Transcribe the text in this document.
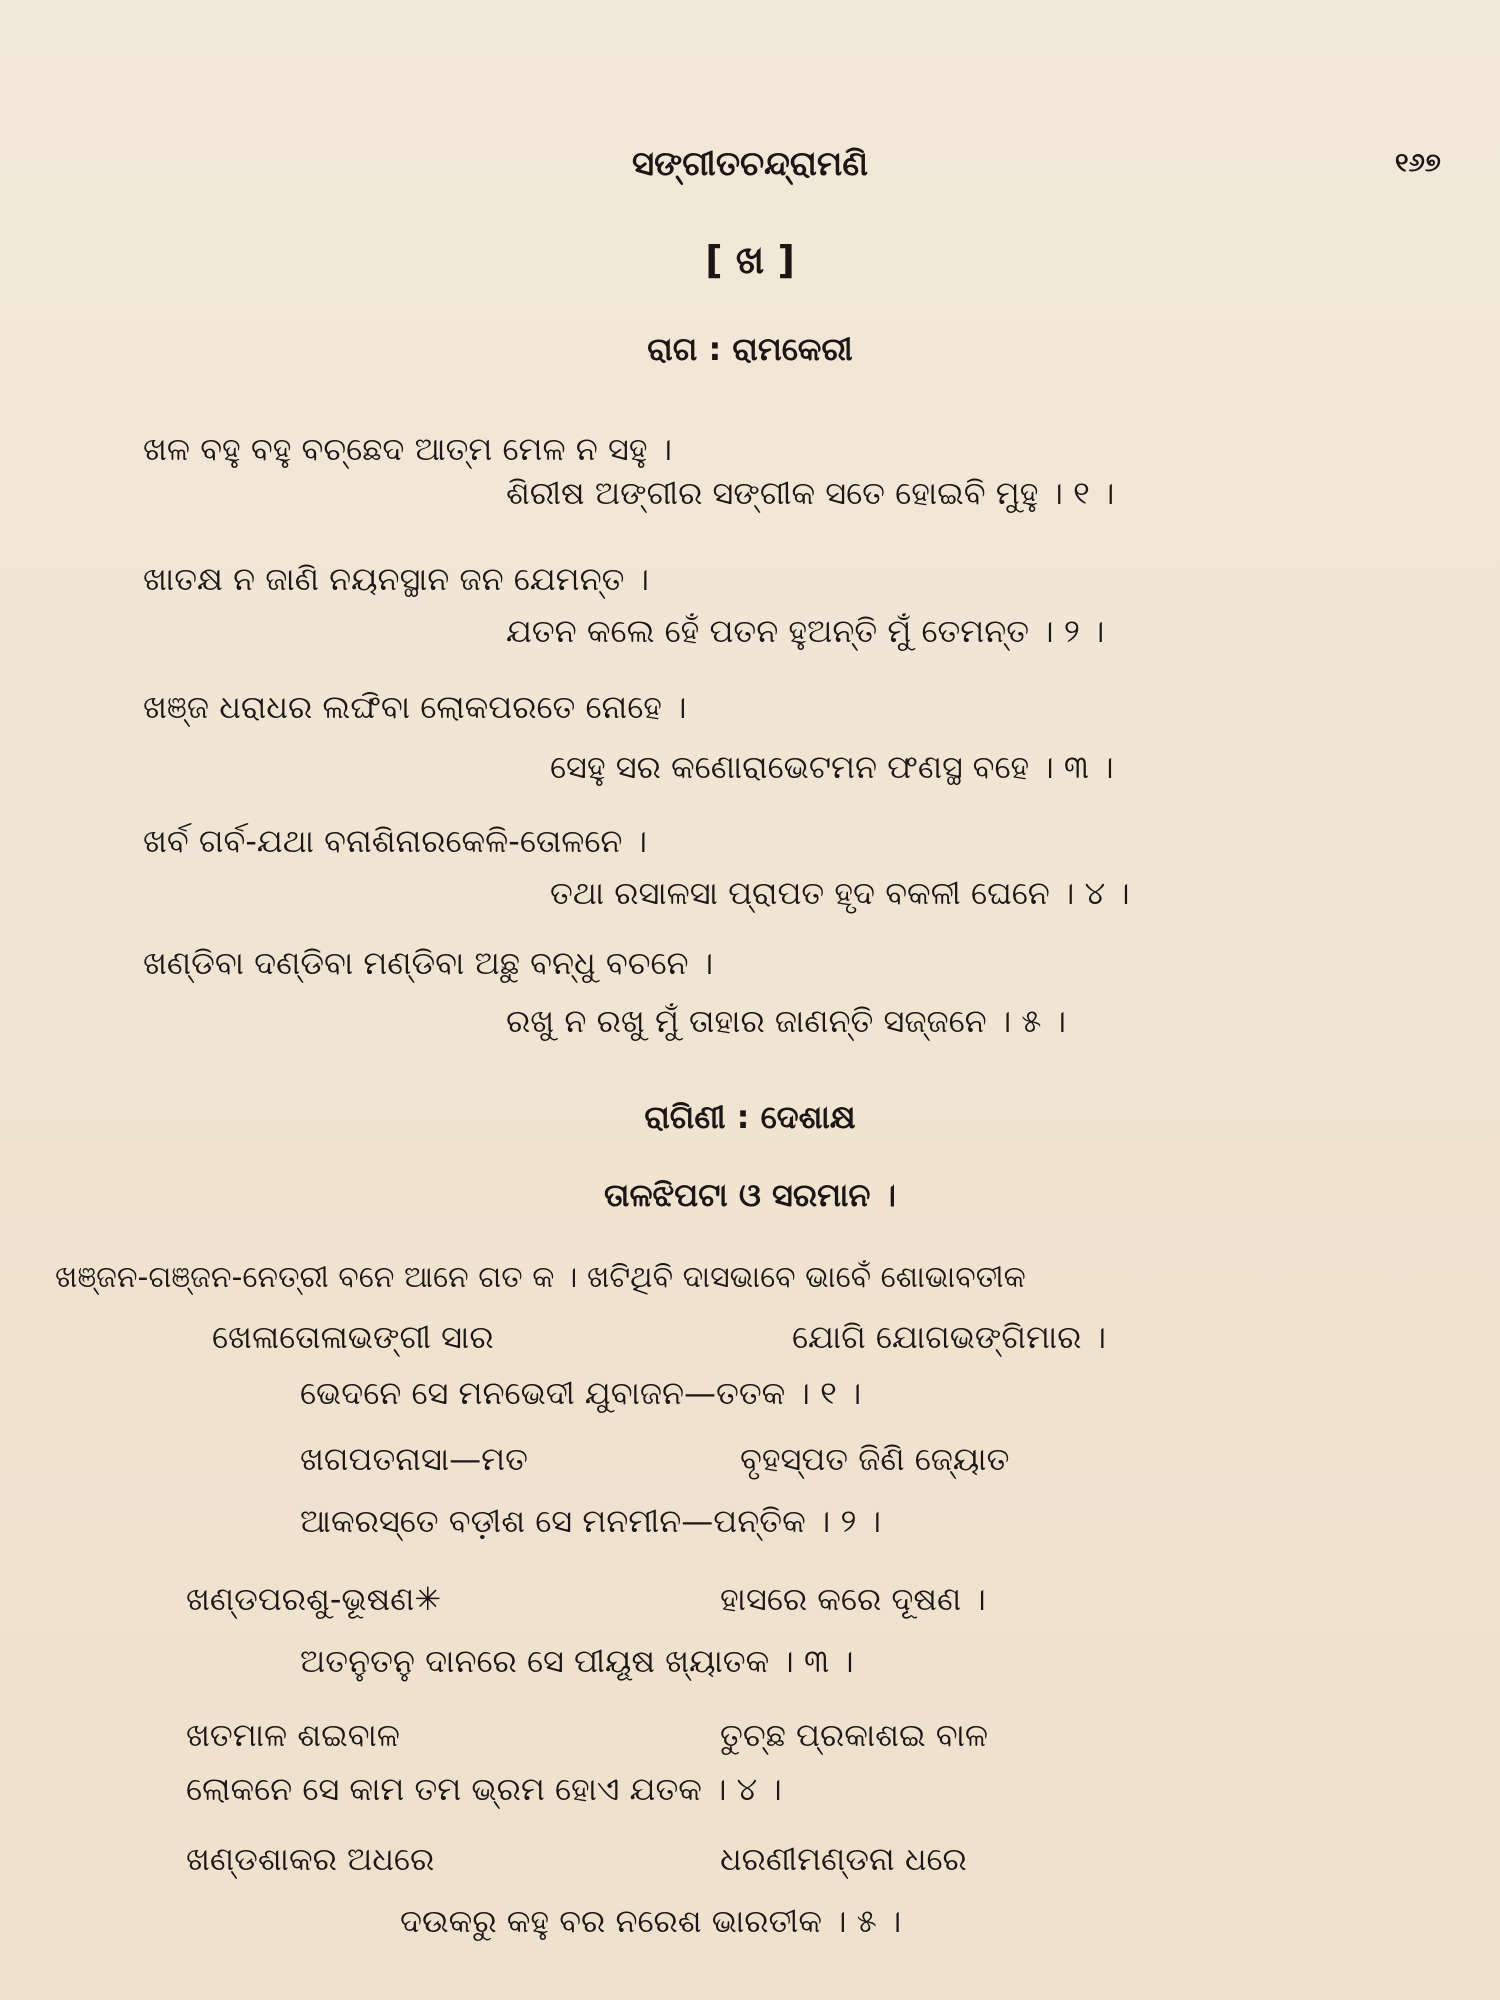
ସଙ୍ଗୀତଚନ୍ଦ୍ରାମଣି	୧୬୭
[ ଖ ]
ରାଗ : ରାମକେରୀ
ଖଳ ବହୁ ବହୁ ବଚ୍ଛେଦ ଆତ୍ମ ମେଳ ନ ସହୁ ।
ଶିରୀଷ ଅଙ୍ଗୀର ସଙ୍ଗୀକ ସତେ ହୋଇବି ମୁହୁ । ୧ ।
ଖାତକ୍ଷ ନ ଜାଣି ନୟନସ୍ଥାନ ଜନ ଯେମନ୍ତ ।
ଯତନ କଲେ ହେଁ ପତନ ହୁଅନ୍ତି ମୁଁ ତେମନ୍ତ । ୨ ।
ଖଞ୍ଜ ଧରାଧର ଲଙ୍ଘିବା ଲୋକପରତେ ନୋହେ ।
ସେହୁ ସର କଣୋରାଭେଟମନ ଫଣସ୍ଥ ବହେ । ୩ ।
ଖର୍ବ ଗର୍ବ-ଯଥା ବନାଶିନାରକେଳି-ତୋଳନେ ।
ତଥା ରସାଳସା ପ୍ରାପତ ହୃଦ ବକଳୀ ଘେନେ । ୪ ।
ଖଣ୍ଡିବା ଦଣ୍ଡିବା ମଣ୍ଡିବା ଅଛୁ ବନ୍ଧୁ ବଚନେ ।
ରଖୁ ନ ରଖୁ ମୁଁ ତାହାର ଜାଣନ୍ତି ସଜ୍ଜନେ । ୫ ।
ରାଗିଣୀ : ଦେଶାକ୍ଷ
ତାଳଝିପଟା ଓ ସରମାନ ।
ଖଞ୍ଜନ-ଗଞ୍ଜନ-ନେତ୍ରୀ ବନେ ଆନେ ଗତ କ । ଖଟିଥିବି ଦାସଭାବେ ଭାବେଁ ଶୋଭାବତୀକ
ଖେଳାତୋଳାଭଙ୍ଗୀ ସାର	ଯୋଗି ଯୋଗଭଙ୍ଗିମାର ।
ଭେଦନେ ସେ ମନଭେଦୀ ଯୁବାଜନ—ତତକ । ୧ ।
ଖଗପତନାସା—ମତ	ବୃହସ୍ପତ ଜିଣି ଜ୍ୟୋତ
ଆକରସ୍ତେ ବଡ଼ୀଶ ସେ ମନମୀନ—ପନ୍ତିକ । ୨ ।
ଖଣ୍ଡପରଶୁ-ଭୂଷଣ✳	ହାସରେ କରେ ଦୂଷଣ ।
ଅତନୁତନୁ ଦାନରେ ସେ ପୀୟୂଷ ଖ୍ୟାତକ । ୩ ।
ଖତମାଳ ଶଇବାଳ	ତୁଚ୍ଛ ପ୍ରକାଶଇ ବାଳ
ଲୋକନେ ସେ କାମ ତମ ଭ୍ରମ ହୋଏ ଯତକ । ୪ ।
ଖଣ୍ଡଶାକର ଅଧରେ	ଧରଣୀମଣ୍ଡନା ଧରେ
ଦଉକରୁ କହୁ ବର ନରେଶ ଭାରତୀକ । ୫ ।
